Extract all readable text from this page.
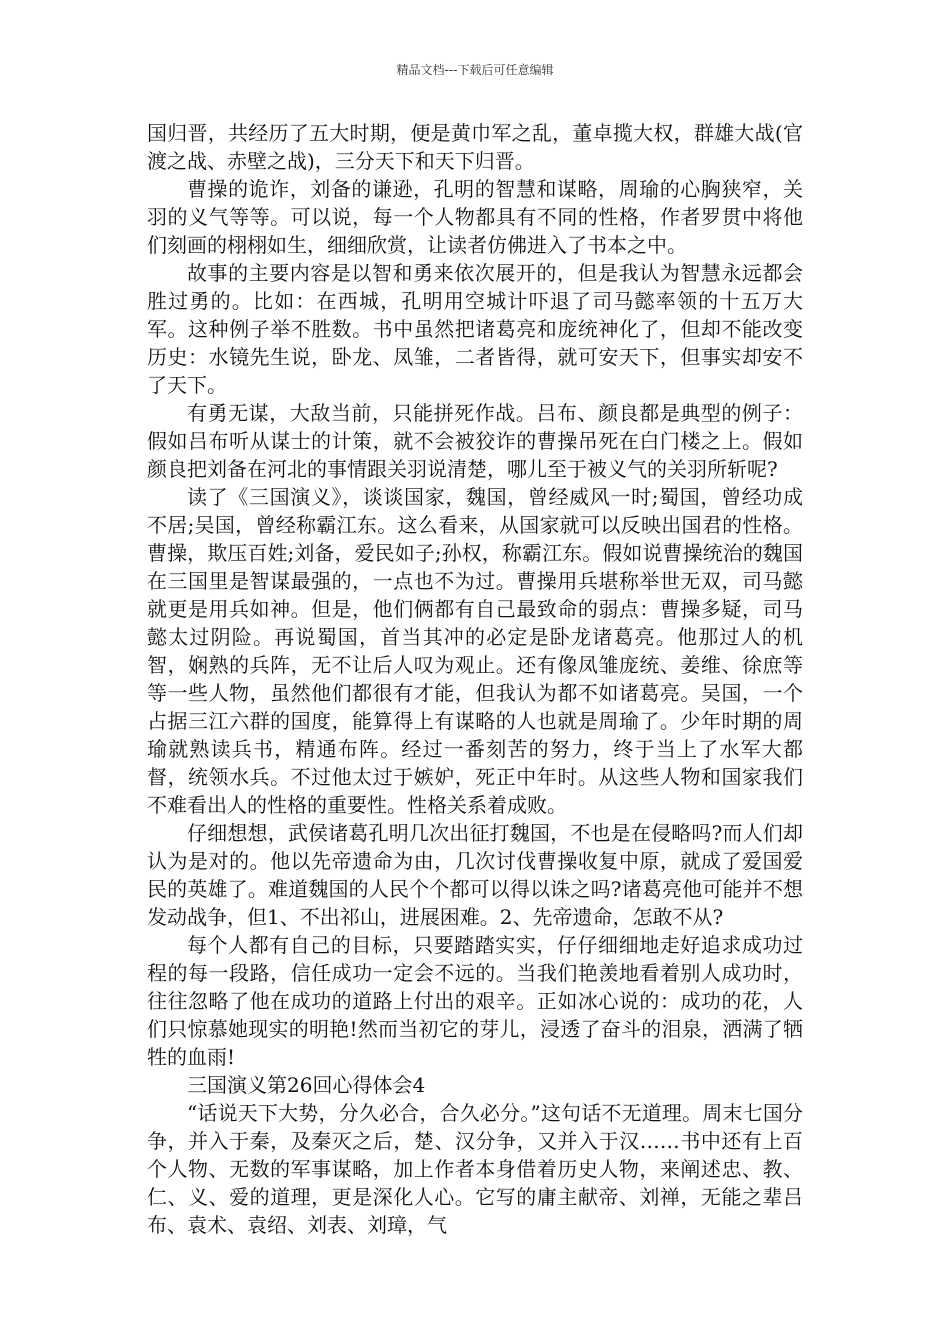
精品文档---下载后可任意编辑

国归晋，共经历了五大时期，便是黄巾军之乱，董卓揽大权，群雄大战(官渡之战、赤壁之战)，三分天下和天下归晋。

曹操的诡诈，刘备的谦逊，孔明的智慧和谋略，周瑜的心胸狭窄，关羽的义气等等。可以说，每一个人物都具有不同的性格，作者罗贯中将他们刻画的栩栩如生，细细欣赏，让读者仿佛进入了书本之中。

故事的主要内容是以智和勇来依次展开的，但是我认为智慧永远都会胜过勇的。比如：在西城，孔明用空城计吓退了司马懿率领的十五万大军。这种例子举不胜数。书中虽然把诸葛亮和庞统神化了，但却不能改变历史：水镜先生说，卧龙、凤雏，二者皆得，就可安天下，但事实却安不了天下。

有勇无谋，大敌当前，只能拼死作战。吕布、颜良都是典型的例子：假如吕布听从谋士的计策，就不会被狡诈的曹操吊死在白门楼之上。假如颜良把刘备在河北的事情跟关羽说清楚，哪儿至于被义气的关羽所斩呢?

读了《三国演义》，谈谈国家，魏国，曾经威风一时;蜀国，曾经功成不居;吴国，曾经称霸江东。这么看来，从国家就可以反映出国君的性格。曹操，欺压百姓;刘备，爱民如子;孙权，称霸江东。假如说曹操统治的魏国在三国里是智谋最强的，一点也不为过。曹操用兵堪称举世无双，司马懿就更是用兵如神。但是，他们俩都有自己最致命的弱点：曹操多疑，司马懿太过阴险。再说蜀国，首当其冲的必定是卧龙诸葛亮。他那过人的机智，娴熟的兵阵，无不让后人叹为观止。还有像凤雏庞统、姜维、徐庶等等一些人物，虽然他们都很有才能，但我认为都不如诸葛亮。吴国，一个占据三江六群的国度，能算得上有谋略的人也就是周瑜了。少年时期的周瑜就熟读兵书，精通布阵。经过一番刻苦的努力，终于当上了水军大都督，统领水兵。不过他太过于嫉妒，死正中年时。从这些人物和国家我们不难看出人的性格的重要性。性格关系着成败。

仔细想想，武侯诸葛孔明几次出征打魏国，不也是在侵略吗?而人们却认为是对的。他以先帝遗命为由，几次讨伐曹操收复中原，就成了爱国爱民的英雄了。难道魏国的人民个个都可以得以诛之吗?诸葛亮他可能并不想发动战争，但1、不出祁山，进展困难。2、先帝遗命，怎敢不从?

每个人都有自己的目标，只要踏踏实实，仔仔细细地走好追求成功过程的每一段路，信任成功一定会不远的。当我们艳羡地看着别人成功时，往往忽略了他在成功的道路上付出的艰辛。正如冰心说的：成功的花，人们只惊慕她现实的明艳!然而当初它的芽儿，浸透了奋斗的泪泉，洒满了牺牲的血雨!

三国演义第26回心得体会4

“话说天下大势，分久必合，合久必分。”这句话不无道理。周末七国分争，并入于秦，及秦灭之后，楚、汉分争，又并入于汉……书中还有上百个人物、无数的军事谋略，加上作者本身借着历史人物，来阐述忠、教、仁、义、爱的道理，更是深化人心。它写的庸主献帝、刘禅，无能之辈吕布、袁术、袁绍、刘表、刘璋，气
